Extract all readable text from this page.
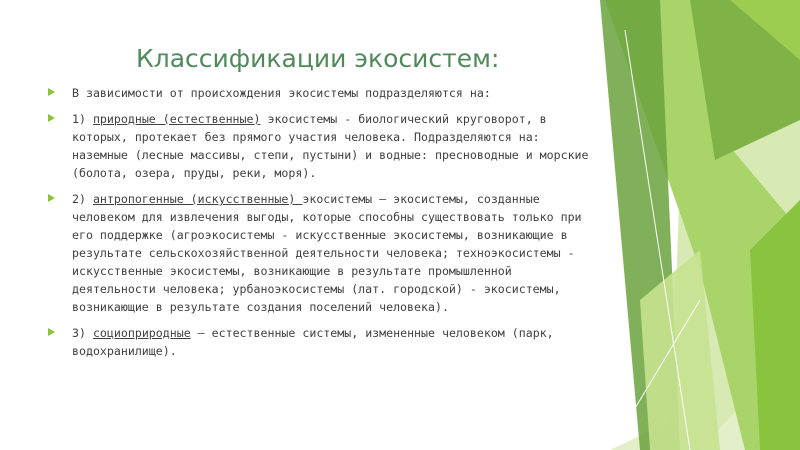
Классификации экосистем:
В зависимости от происхождения экосистемы подразделяются на:
1) природные (естественные) экосистемы - биологический круговорот, в которых, протекает без прямого участия человека. Подразделяются на: наземные (лесные массивы, степи, пустыни) и водные: пресноводные и морские (болота, озера, пруды, реки, моря).
2) антропогенные (искусственные) экосистемы – экосистемы, созданные человеком для извлечения выгоды, которые способны существовать только при его поддержке (агроэкосистемы - искусственные экосистемы, возникающие в результате сельскохозяйственной деятельности человека; техноэкосистемы - искусственные экосистемы, возникающие в результате промышленной деятельности человека; урбаноэкосистемы (лат. городской) - экосистемы, возникающие в результате создания поселений человека).
3) социоприродные – естественные системы, измененные человеком (парк, водохранилище).
